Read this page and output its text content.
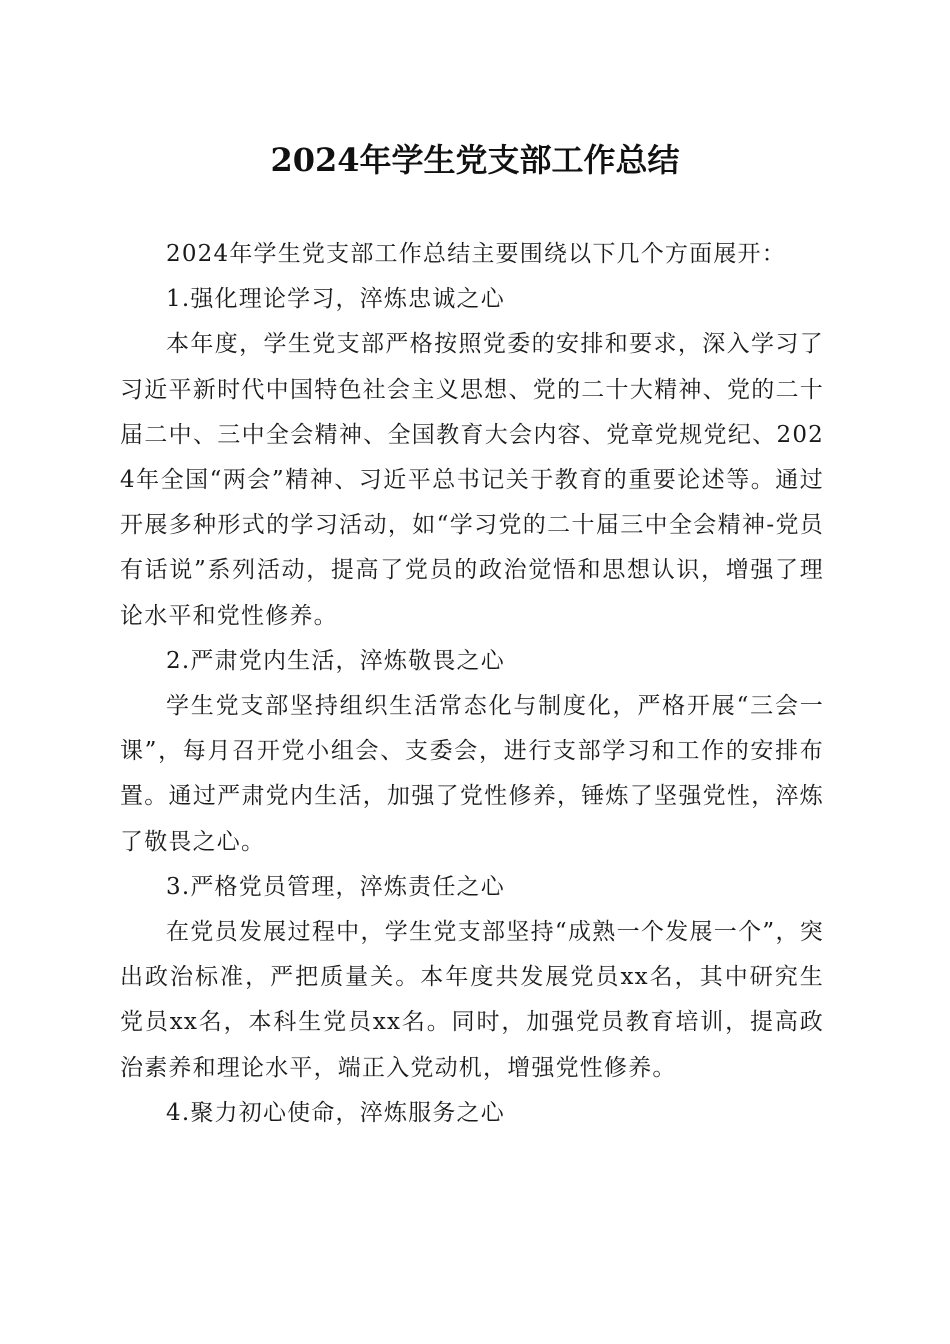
2024年学生党支部工作总结

2024年学生党支部工作总结主要围绕以下几个方面展开：

1.强化理论学习，淬炼忠诚之心

本年度，学生党支部严格按照党委的安排和要求，深入学习了习近平新时代中国特色社会主义思想、党的二十大精神、党的二十届二中、三中全会精神、全国教育大会内容、党章党规党纪、2024年全国“两会”精神、习近平总书记关于教育的重要论述等。通过开展多种形式的学习活动，如“学习党的二十届三中全会精神-党员有话说”系列活动，提高了党员的政治觉悟和思想认识，增强了理论水平和党性修养。

2.严肃党内生活，淬炼敬畏之心

学生党支部坚持组织生活常态化与制度化，严格开展“三会一课”，每月召开党小组会、支委会，进行支部学习和工作的安排布置。通过严肃党内生活，加强了党性修养，锤炼了坚强党性，淬炼了敬畏之心。

3.严格党员管理，淬炼责任之心

在党员发展过程中，学生党支部坚持“成熟一个发展一个”，突出政治标准，严把质量关。本年度共发展党员xx名，其中研究生党员xx名，本科生党员xx名。同时，加强党员教育培训，提高政治素养和理论水平，端正入党动机，增强党性修养。

4.聚力初心使命，淬炼服务之心
